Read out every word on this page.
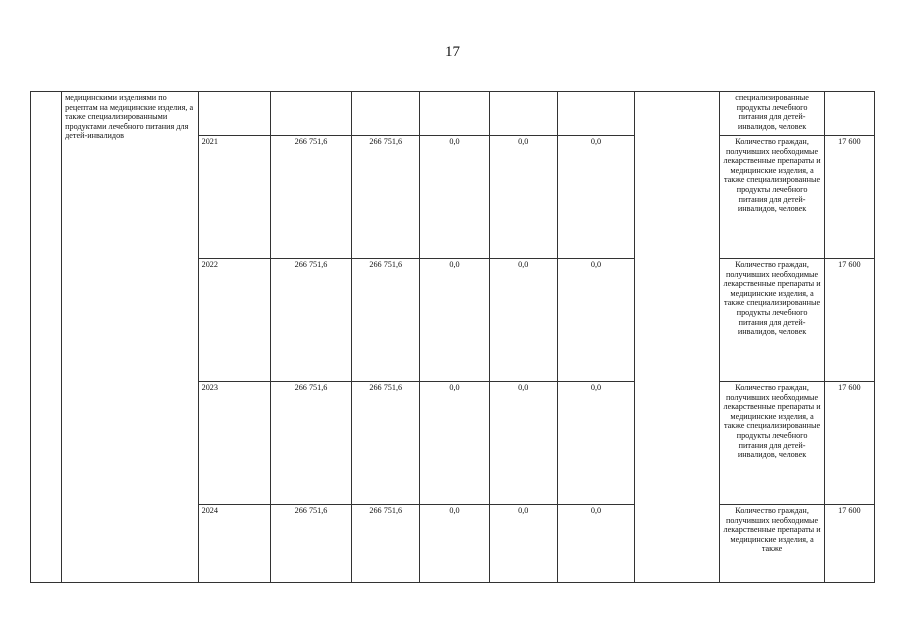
17

	медицинскими изделиями по рецептам на медицинские изделия, а также специализированными продуктами лечебного питания для детей-инвалидов								специализированные продукты лечебного питания для детей-инвалидов, человек	

		2021	266 751,6	266 751,6	0,0	0,0	0,0		Количество граждан, получивших необходимые лекарственные препараты и медицинские изделия, а также специализированные продукты лечебного питания для детей-инвалидов, человек	17 600
		2022	266 751,6	266 751,6	0,0	0,0	0,0		Количество граждан, получивших необходимые лекарственные препараты и медицинские изделия, а также специализированные продукты лечебного питания для детей-инвалидов, человек	17 600
		2023	266 751,6	266 751,6	0,0	0,0	0,0		Количество граждан, получивших необходимые лекарственные препараты и медицинские изделия, а также специализированные продукты лечебного питания для детей-инвалидов, человек	17 600
		2024	266 751,6	266 751,6	0,0	0,0	0,0		Количество граждан, получивших необходимые лекарственные препараты и медицинские изделия, а также	17 600
